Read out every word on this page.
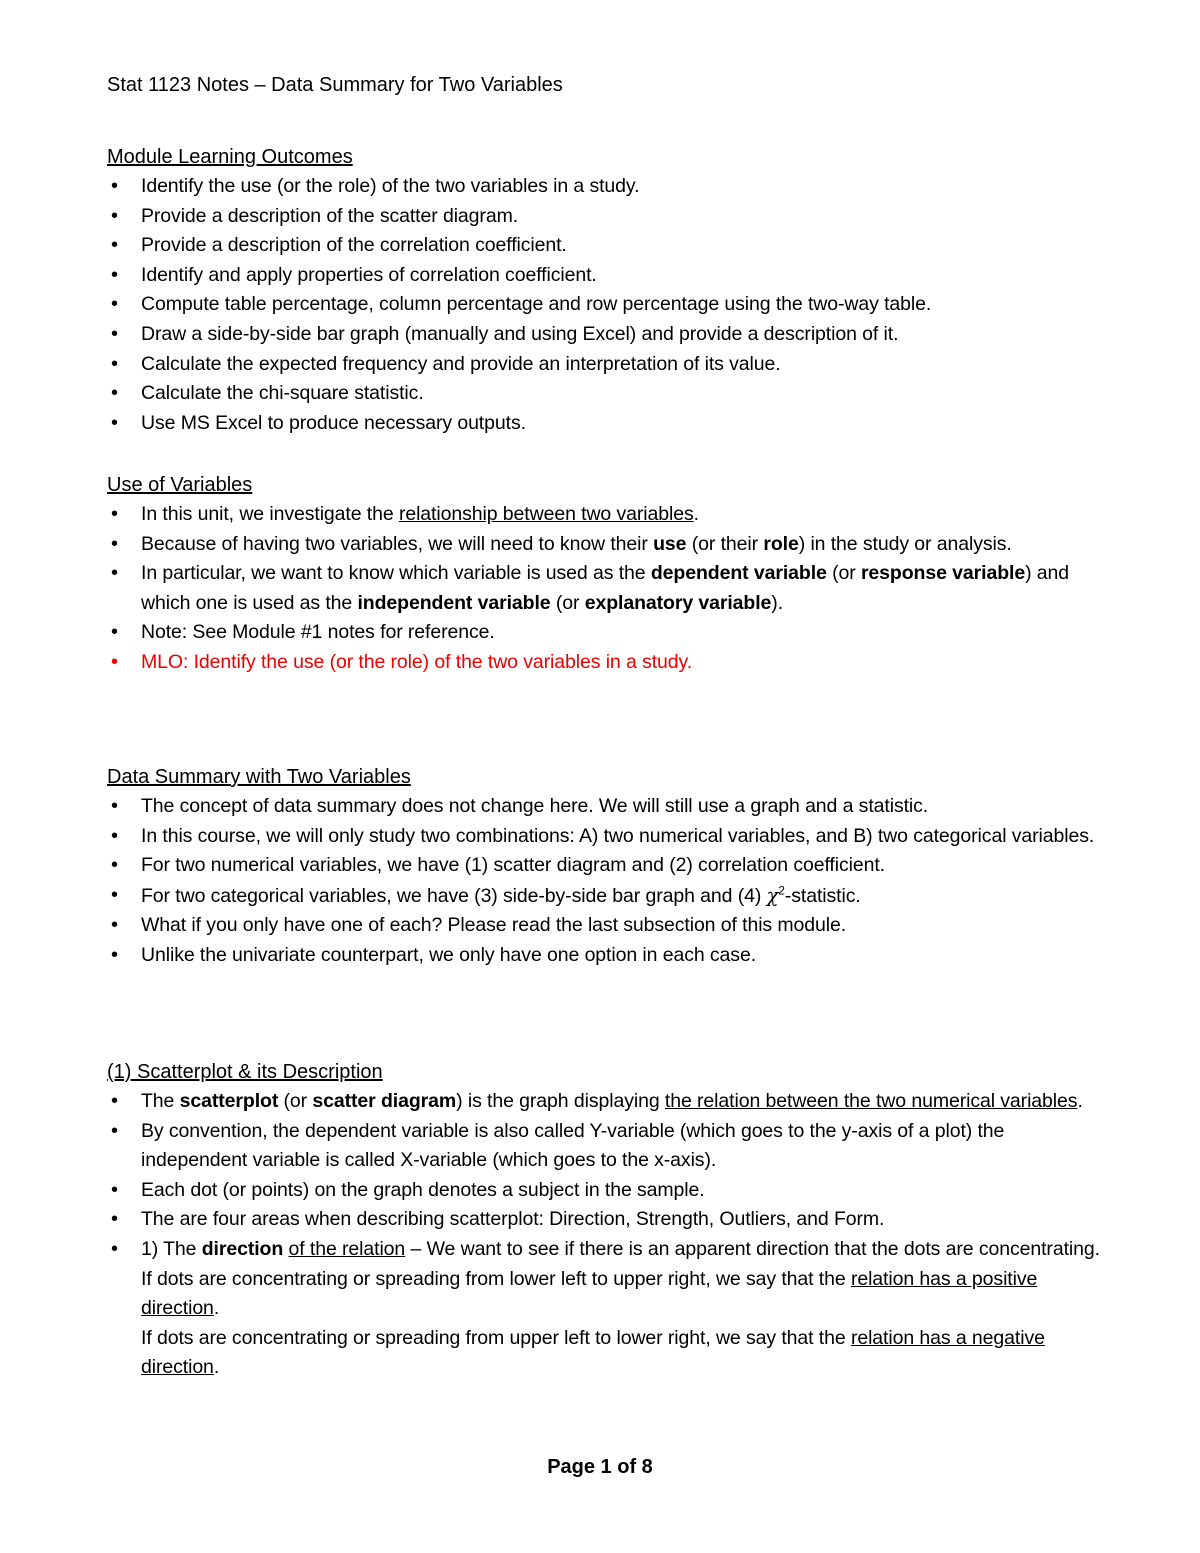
Stat 1123 Notes – Data Summary for Two Variables
Module Learning Outcomes
• Identify the use (or the role) of the two variables in a study.
• Provide a description of the scatter diagram.
• Provide a description of the correlation coefficient.
• Identify and apply properties of correlation coefficient.
• Compute table percentage, column percentage and row percentage using the two-way table.
• Draw a side-by-side bar graph (manually and using Excel) and provide a description of it.
• Calculate the expected frequency and provide an interpretation of its value.
• Calculate the chi-square statistic.
• Use MS Excel to produce necessary outputs.
Use of Variables
• In this unit, we investigate the relationship between two variables.
• Because of having two variables, we will need to know their use (or their role) in the study or analysis.
• In particular, we want to know which variable is used as the dependent variable (or response variable) and which one is used as the independent variable (or explanatory variable).
• Note: See Module #1 notes for reference.
• MLO: Identify the use (or the role) of the two variables in a study.
Data Summary with Two Variables
• The concept of data summary does not change here. We will still use a graph and a statistic.
• In this course, we will only study two combinations: A) two numerical variables, and B) two categorical variables.
• For two numerical variables, we have (1) scatter diagram and (2) correlation coefficient.
• For two categorical variables, we have (3) side-by-side bar graph and (4) $\chi^2$-statistic.
• What if you only have one of each? Please read the last subsection of this module.
• Unlike the univariate counterpart, we only have one option in each case.
(1) Scatterplot & its Description
• The scatterplot (or scatter diagram) is the graph displaying the relation between the two numerical variables.
• By convention, the dependent variable is also called Y-variable (which goes to the y-axis of a plot) the independent variable is called X-variable (which goes to the x-axis).
• Each dot (or points) on the graph denotes a subject in the sample.
• The are four areas when describing scatterplot: Direction, Strength, Outliers, and Form.
• 1) The direction of the relation – We want to see if there is an apparent direction that the dots are concentrating.
If dots are concentrating or spreading from lower left to upper right, we say that the relation has a positive direction.
If dots are concentrating or spreading from upper left to lower right, we say that the relation has a negative direction.
Page 1 of 8
